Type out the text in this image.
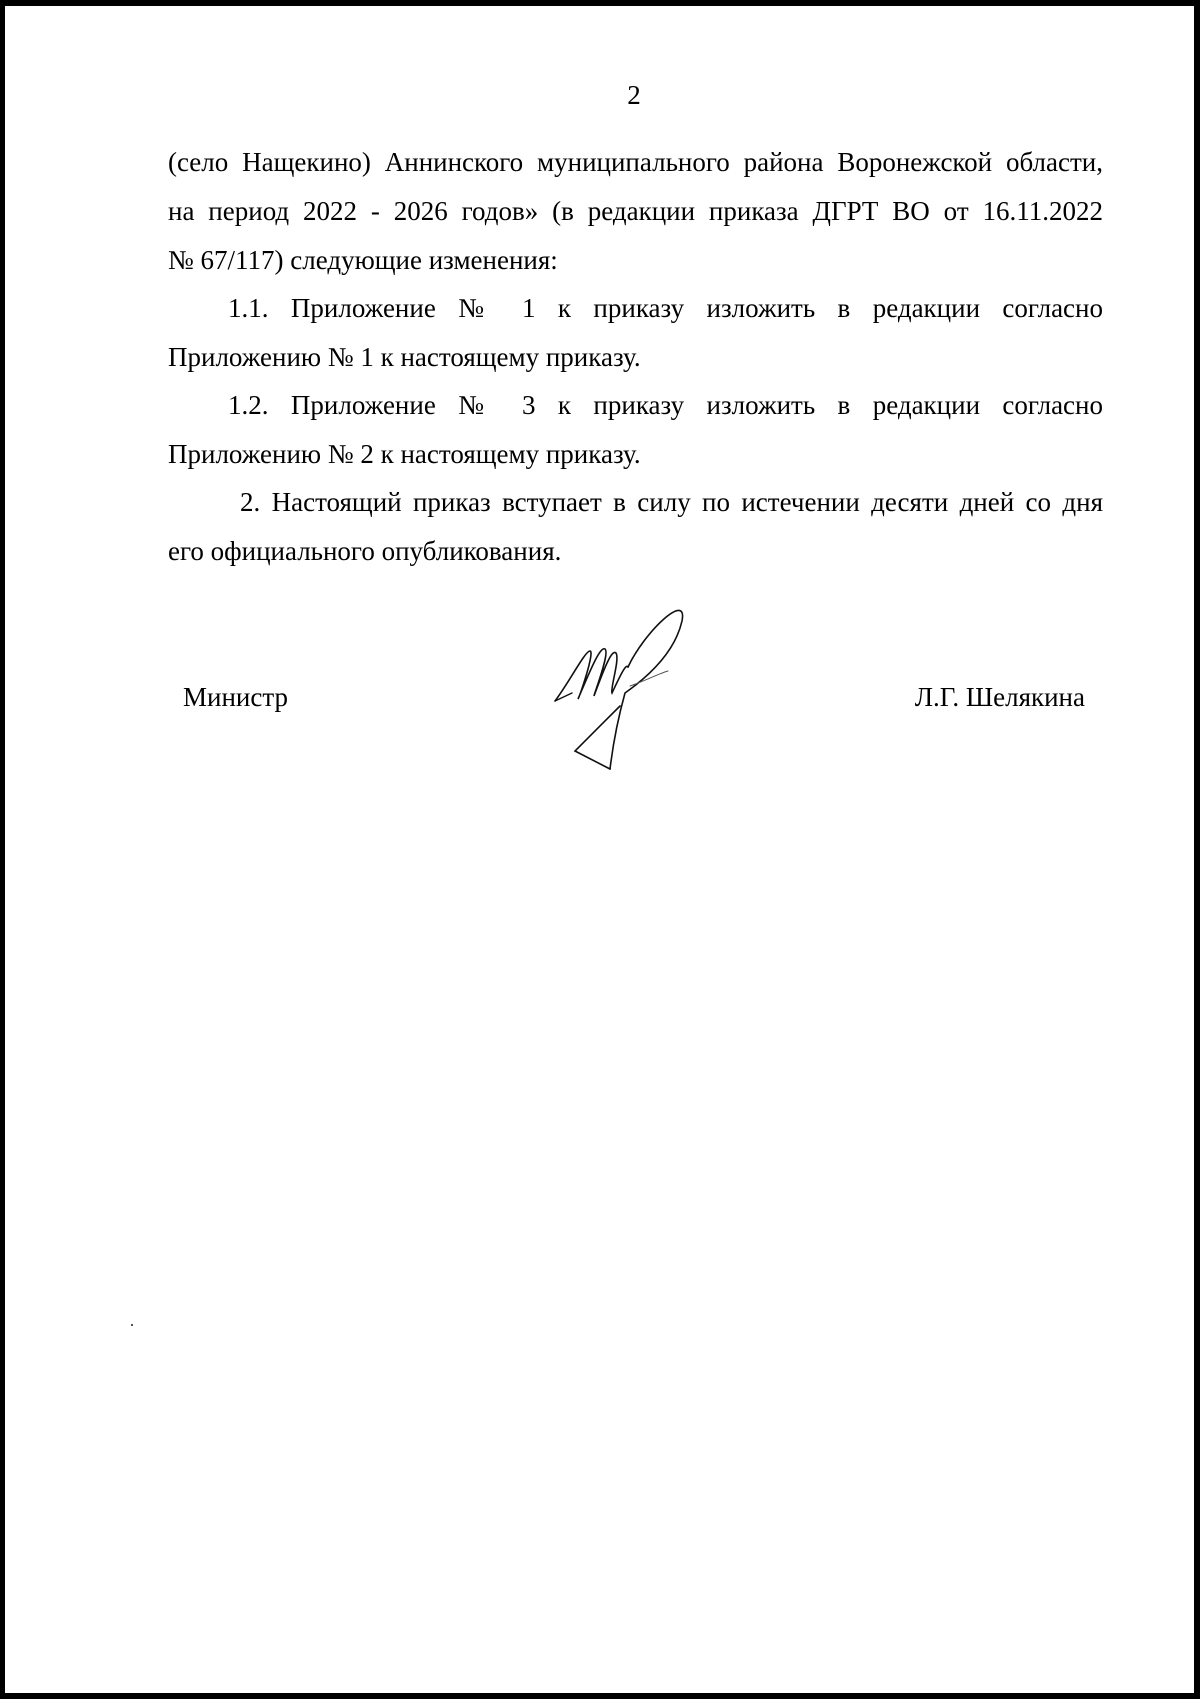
2
(село Нащекино) Аннинского муниципального района Воронежской области,
на период 2022 - 2026 годов» (в редакции приказа ДГРТ ВО от 16.11.2022
№ 67/117) следующие изменения:
1.1. Приложение № 1 к приказу изложить в редакции согласно
Приложению № 1 к настоящему приказу.
1.2. Приложение № 3 к приказу изложить в редакции согласно
Приложению № 2 к настоящему приказу.
2. Настоящий приказ вступает в силу по истечении десяти дней со дня
его официального опубликования.
Министр	Л.Г. Шелякина
